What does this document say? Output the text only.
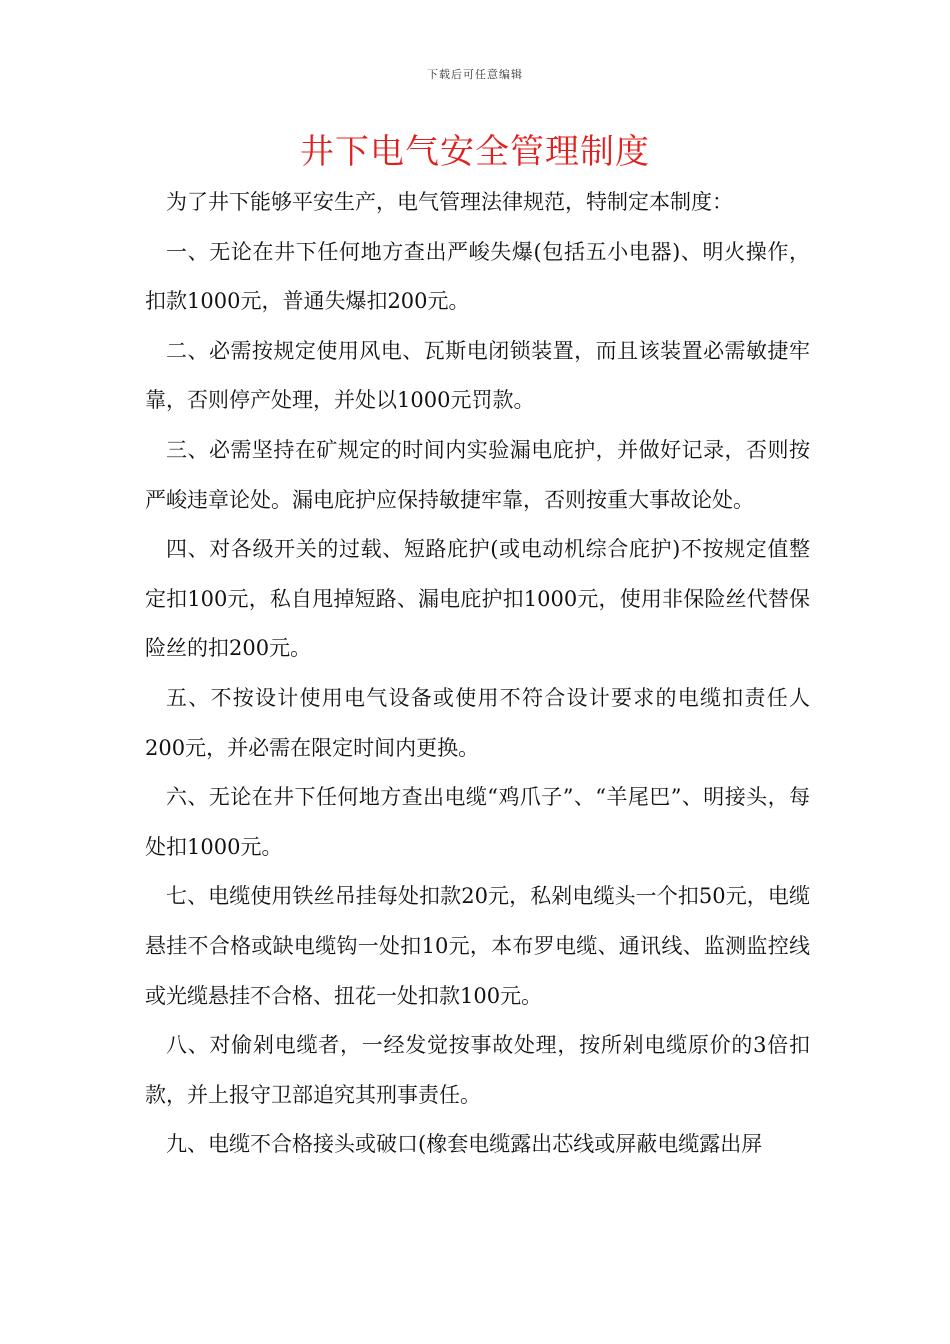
下载后可任意编辑
井下电气安全管理制度

为了井下能够平安生产，电气管理法律规范，特制定本制度：

一、无论在井下任何地方查出严峻失爆(包括五小电器)、明火操作，扣款1000元，普通失爆扣200元。

二、必需按规定使用风电、瓦斯电闭锁装置，而且该装置必需敏捷牢靠，否则停产处理，并处以1000元罚款。

三、必需坚持在矿规定的时间内实验漏电庇护，并做好记录，否则按严峻违章论处。漏电庇护应保持敏捷牢靠，否则按重大事故论处。

四、对各级开关的过载、短路庇护(或电动机综合庇护)不按规定值整定扣100元，私自甩掉短路、漏电庇护扣1000元，使用非保险丝代替保险丝的扣200元。

五、不按设计使用电气设备或使用不符合设计要求的电缆扣责任人200元，并必需在限定时间内更换。

六、无论在井下任何地方查出电缆“鸡爪子”、“羊尾巴”、明接头，每处扣1000元。

七、电缆使用铁丝吊挂每处扣款20元，私剁电缆头一个扣50元，电缆悬挂不合格或缺电缆钩一处扣10元，本布罗电缆、通讯线、监测监控线或光缆悬挂不合格、扭花一处扣款100元。

八、对偷剁电缆者，一经发觉按事故处理，按所剁电缆原价的3倍扣款，并上报守卫部追究其刑事责任。

九、电缆不合格接头或破口(橡套电缆露出芯线或屏蔽电缆露出屏
